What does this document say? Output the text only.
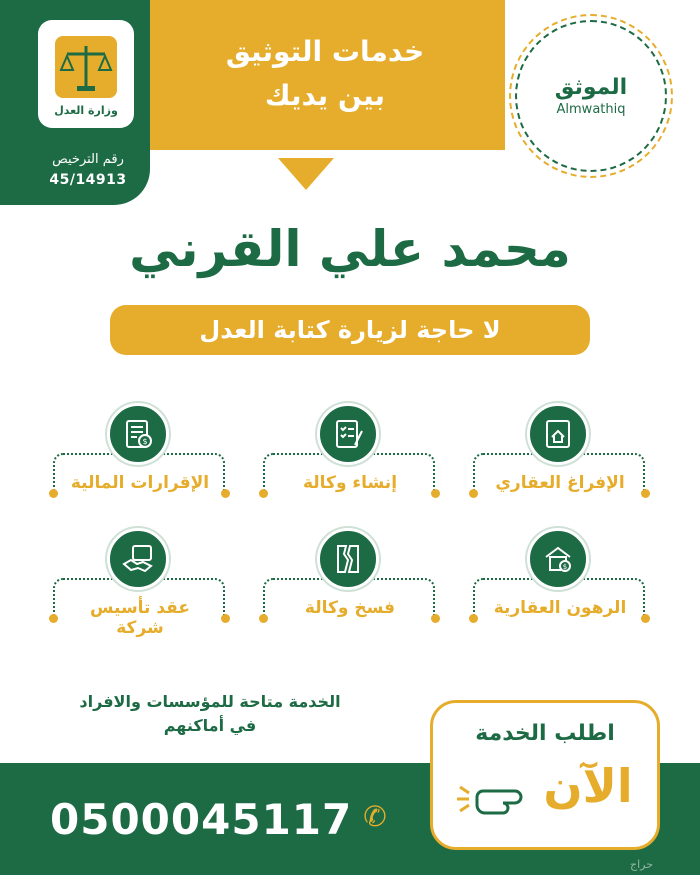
وزارة العدل
رقم الترخيص
45/14913
خدمات التوثيق
بين يديك	الموثق
Almwathiq
محمد علي القرني
لا حاجة لزيارة كتابة العدل
الإفراغ العقاري
إنشاء وكالة
$
الإقرارات المالية
$
الرهون العقارية
فسخ وكالة
عقد تأسيس شركة
الخدمة متاحة للمؤسسات والافراد
في أماكنهم
0500045117 ✆
اطلب الخدمة
الآن
حراج
